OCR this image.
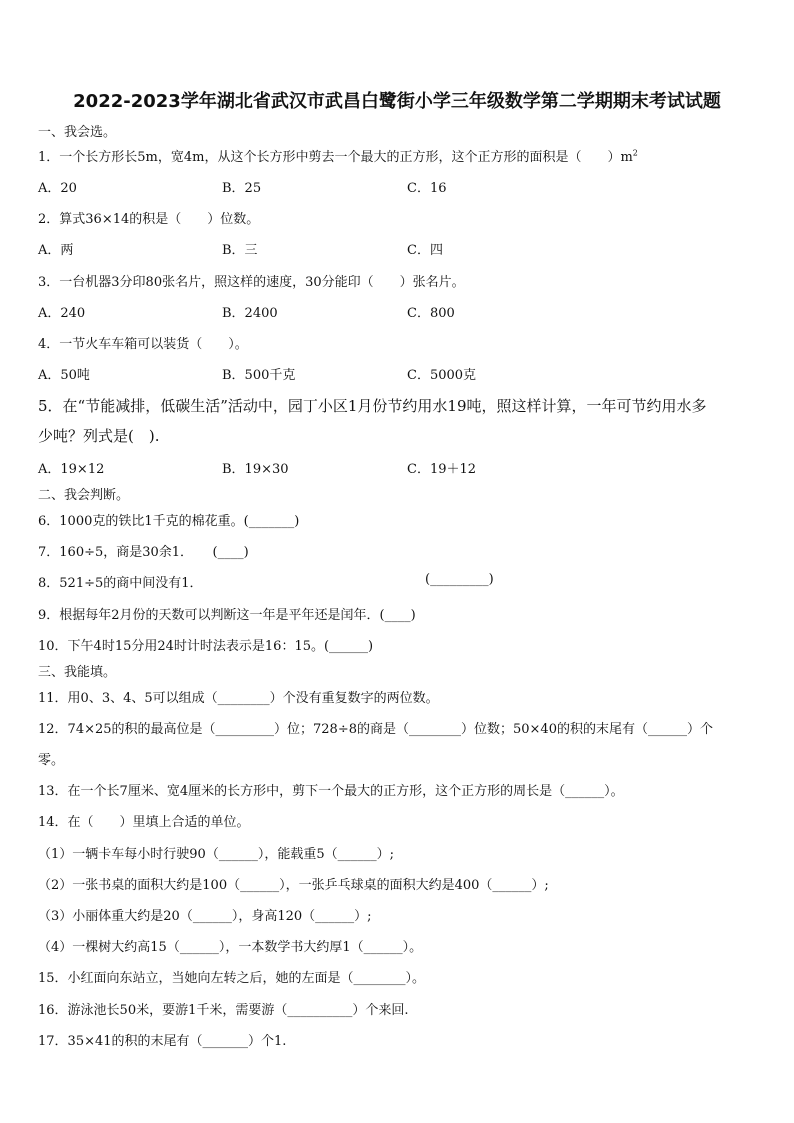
2022-2023学年湖北省武汉市武昌白鹭街小学三年级数学第二学期期末考试试题
一、我会选。
1．一个长方形长5m，宽4m，从这个长方形中剪去一个最大的正方形，这个正方形的面积是（　　）$m^2$
A．20	B．25	C．16
2．算式36×14的积是（　　）位数。
A．两	B．三	C．四
3．一台机器3分印80张名片，照这样的速度，30分能印（　　）张名片。
A．240	B．2400	C．800
4．一节火车车箱可以装货（　　）。
A．50吨	B．500千克	C．5000克
5．在“节能减排，低碳生活”活动中，园丁小区1月份节约用水19吨，照这样计算，一年可节约用水多
少吨？列式是(　).
A．19×12	B．19×30	C．19＋12
二、我会判断。
6．1000克的铁比1千克的棉花重。(_______)
7．160÷5，商是30余1．　　(____)
8．521÷5的商中间没有1．	(_________)
9．根据每年2月份的天数可以判断这一年是平年还是闰年．(____)
10．下午4时15分用24时计时法表示是16：15。(______)
三、我能填。
11．用0、3、4、5可以组成（________）个没有重复数字的两位数。
12．74×25的积的最高位是（_________）位；728÷8的商是（________）位数；50×40的积的末尾有（______）个
零。
13．在一个长7厘米、宽4厘米的长方形中，剪下一个最大的正方形，这个正方形的周长是（______）。
14．在（　　）里填上合适的单位。
（1）一辆卡车每小时行驶90（______），能载重5（______）;
（2）一张书桌的面积大约是100（______），一张乒乓球桌的面积大约是400（______）;
（3）小丽体重大约是20（______），身高120（______）;
（4）一棵树大约高15（______），一本数学书大约厚1（______）。
15．小红面向东站立，当她向左转之后，她的左面是（________）。
16．游泳池长50米，要游1千米，需要游（__________）个来回.
17．35×41的积的末尾有（_______）个1.
